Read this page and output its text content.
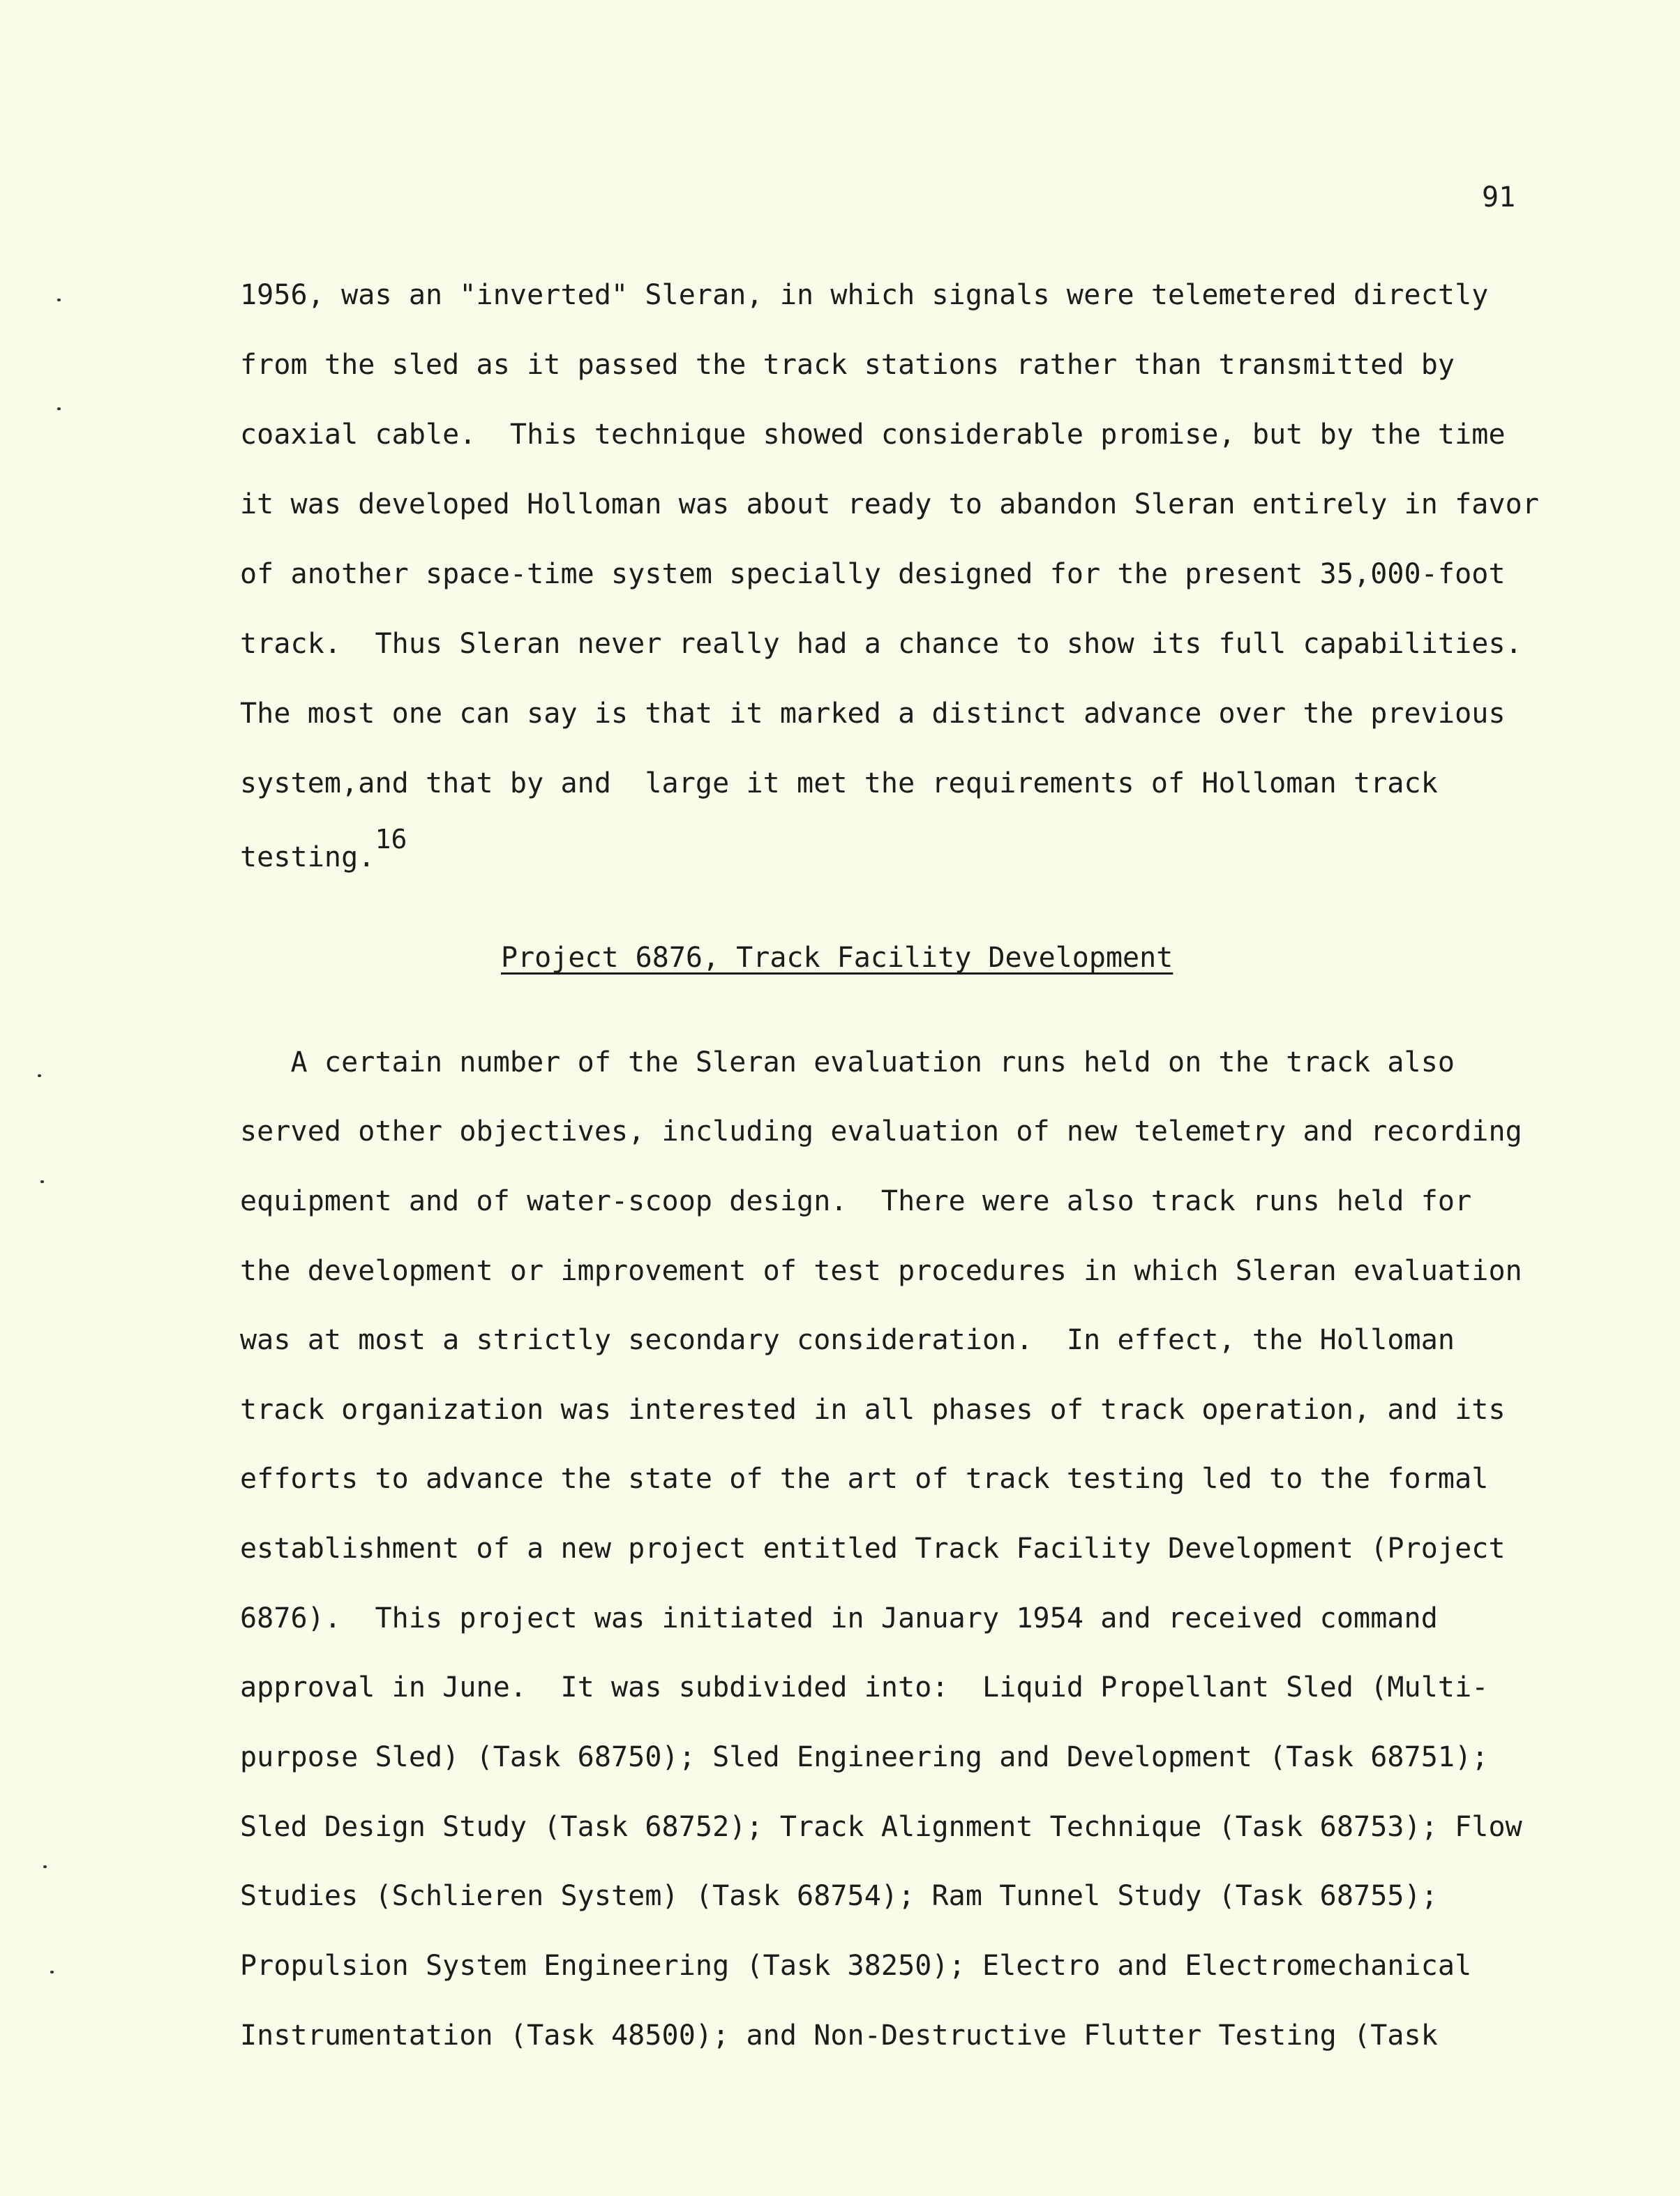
91
1956, was an "inverted" Sleran, in which signals were telemetered directly
from the sled as it passed the track stations rather than transmitted by
coaxial cable.  This technique showed considerable promise, but by the time
it was developed Holloman was about ready to abandon Sleran entirely in favor
of another space-time system specially designed for the present 35,000-foot
track.  Thus Sleran never really had a chance to show its full capabilities.
The most one can say is that it marked a distinct advance over the previous
system,and that by and  large it met the requirements of Holloman track
testing.16
Project 6876, Track Facility Development
A certain number of the Sleran evaluation runs held on the track also
served other objectives, including evaluation of new telemetry and recording
equipment and of water-scoop design.  There were also track runs held for
the development or improvement of test procedures in which Sleran evaluation
was at most a strictly secondary consideration.  In effect, the Holloman
track organization was interested in all phases of track operation, and its
efforts to advance the state of the art of track testing led to the formal
establishment of a new project entitled Track Facility Development (Project
6876).  This project was initiated in January 1954 and received command
approval in June.  It was subdivided into:  Liquid Propellant Sled (Multi-
purpose Sled) (Task 68750); Sled Engineering and Development (Task 68751);
Sled Design Study (Task 68752); Track Alignment Technique (Task 68753); Flow
Studies (Schlieren System) (Task 68754); Ram Tunnel Study (Task 68755);
Propulsion System Engineering (Task 38250); Electro and Electromechanical
Instrumentation (Task 48500); and Non-Destructive Flutter Testing (Task
